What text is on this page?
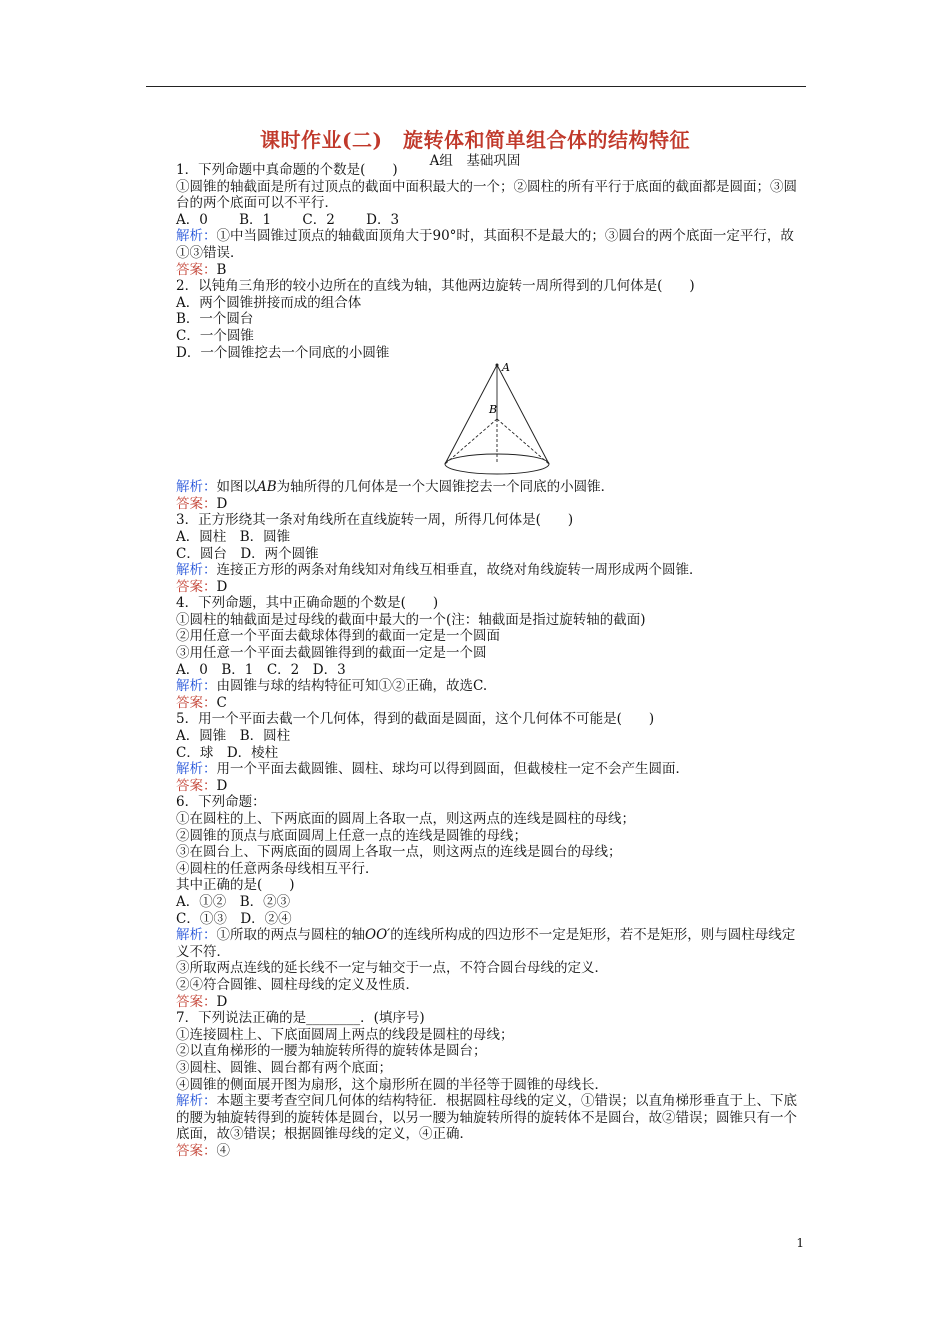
课时作业(二)　旋转体和简单组合体的结构特征
A组　基础巩固
1．下列命题中真命题的个数是(　　)
①圆锥的轴截面是所有过顶点的截面中面积最大的一个；②圆柱的所有平行于底面的截面都是圆面；③圆台的两个底面可以不平行．
A．0　　 B．1　　 C．2　　 D．3
解析：①中当圆锥过顶点的轴截面顶角大于90°时，其面积不是最大的；③圆台的两个底面一定平行，故①③错误．
答案：B
2．以钝角三角形的较小边所在的直线为轴，其他两边旋转一周所得到的几何体是(　　)
A．两个圆锥拼接而成的组合体
B．一个圆台
C．一个圆锥
D．一个圆锥挖去一个同底的小圆锥
A
B
解析：如图以AB为轴所得的几何体是一个大圆锥挖去一个同底的小圆锥．
答案：D
3．正方形绕其一条对角线所在直线旋转一周，所得几何体是(　　)
A．圆柱　B．圆锥
C．圆台　D．两个圆锥
解析：连接正方形的两条对角线知对角线互相垂直，故绕对角线旋转一周形成两个圆锥．
答案：D
4．下列命题，其中正确命题的个数是(　　)
①圆柱的轴截面是过母线的截面中最大的一个(注：轴截面是指过旋转轴的截面)
②用任意一个平面去截球体得到的截面一定是一个圆面
③用任意一个平面去截圆锥得到的截面一定是一个圆
A．0　B．1　C．2　D．3
解析：由圆锥与球的结构特征可知①②正确，故选C.
答案：C
5．用一个平面去截一个几何体，得到的截面是圆面，这个几何体不可能是(　　)
A．圆锥　B．圆柱
C．球　D．棱柱
解析：用一个平面去截圆锥、圆柱、球均可以得到圆面，但截棱柱一定不会产生圆面．
答案：D
6．下列命题：
①在圆柱的上、下两底面的圆周上各取一点，则这两点的连线是圆柱的母线；
②圆锥的顶点与底面圆周上任意一点的连线是圆锥的母线；
③在圆台上、下两底面的圆周上各取一点，则这两点的连线是圆台的母线；
④圆柱的任意两条母线相互平行．
其中正确的是(　　)
A．①②　B．②③
C．①③　D．②④
解析：①所取的两点与圆柱的轴OO′的连线所构成的四边形不一定是矩形，若不是矩形，则与圆柱母线定义不符．
③所取两点连线的延长线不一定与轴交于一点，不符合圆台母线的定义．
②④符合圆锥、圆柱母线的定义及性质．
答案：D
7．下列说法正确的是________．(填序号)
①连接圆柱上、下底面圆周上两点的线段是圆柱的母线；
②以直角梯形的一腰为轴旋转所得的旋转体是圆台；
③圆柱、圆锥、圆台都有两个底面；
④圆锥的侧面展开图为扇形，这个扇形所在圆的半径等于圆锥的母线长．
解析：本题主要考查空间几何体的结构特征．根据圆柱母线的定义，①错误；以直角梯形垂直于上、下底的腰为轴旋转得到的旋转体是圆台，以另一腰为轴旋转所得的旋转体不是圆台，故②错误；圆锥只有一个底面，故③错误；根据圆锥母线的定义，④正确．
答案：④
1
